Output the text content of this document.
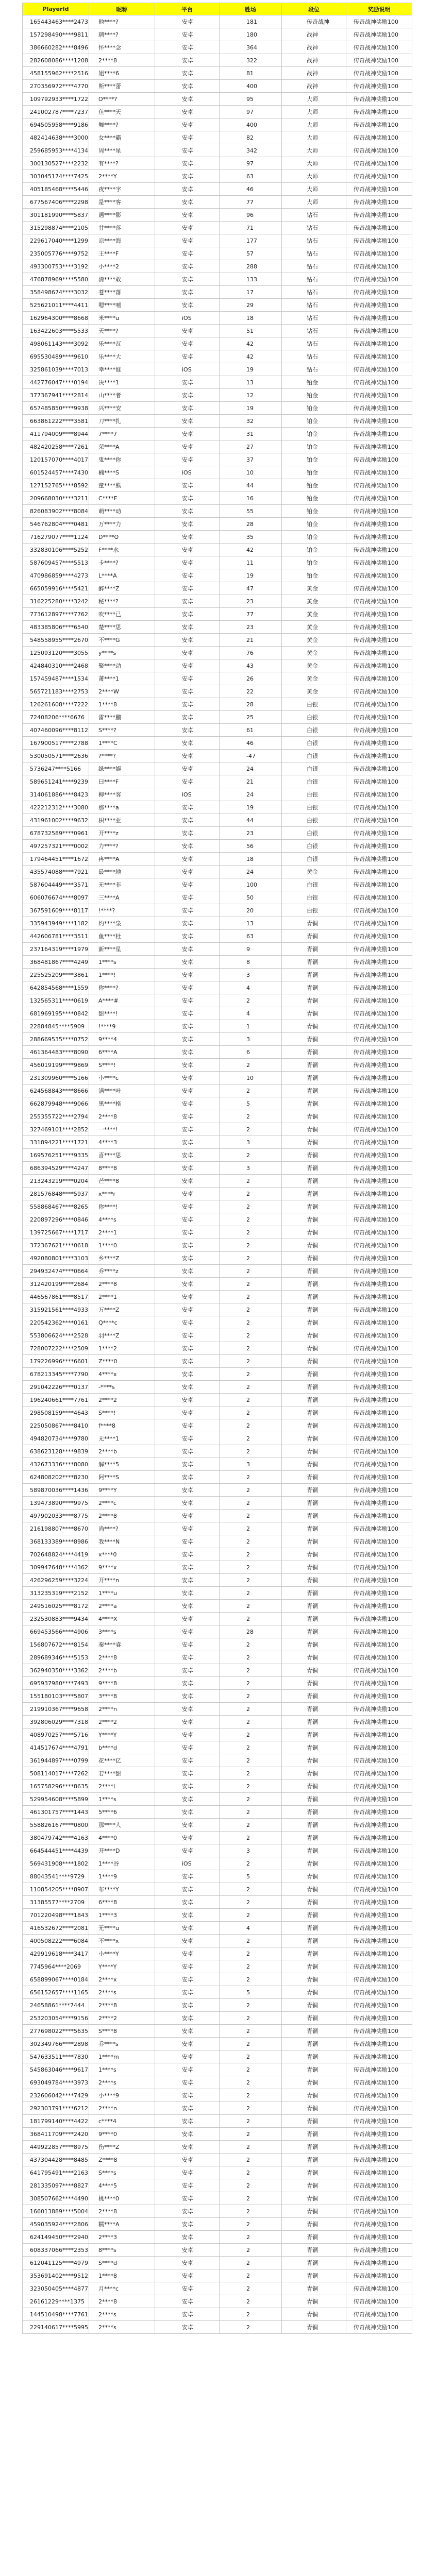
PlayerId	昵称	平台	胜场	段位	奖励说明
165443463****2473	他****?	安卓	181	传奇战神	传奇战神奖励100
157298490****9811	璃****?	安卓	180	战神	传奇战神奖励100
386660282****8496	怀****念	安卓	364	战神	传奇战神奖励100
282608086****1208	2****8	安卓	322	战神	传奇战神奖励100
458155962****2516	姐****6	安卓	81	战神	传奇战神奖励100
270356972****4770	斯****蕾	安卓	400	战神	传奇战神奖励100
109792933****1722	O****?	安卓	95	大师	传奇战神奖励100
241002787****7237	鱼****天	安卓	97	大师	传奇战神奖励100
694505958****9186	舞****?	安卓	400	大师	传奇战神奖励100
482414638****3000	女****霸	安卓	82	大师	传奇战神奖励100
259685953****4134	周****星	安卓	342	大师	传奇战神奖励100
300130527****2232	有****?	安卓	97	大师	传奇战神奖励100
303045174****7425	2****Y	安卓	63	大师	传奇战神奖励100
405185468****5446	夜****字	安卓	46	大师	传奇战神奖励100
677567406****2298	是****客	安卓	77	大师	传奇战神奖励100
301181990****5837	遇****影	安卓	96	钻石	传奇战神奖励100
315298874****2105	甘****落	安卓	71	钻石	传奇战神奖励100
229617040****1299	凉****海	安卓	177	钻石	传奇战神奖励100
235005776****9752	王****F	安卓	57	钻石	传奇战神奖励100
493300753****3192	小****2	安卓	288	钻石	传奇战神奖励100
476878969****5580	清****敢	安卓	133	钻石	传奇战神奖励100
358498674****3032	苍****落	安卓	17	钻石	传奇战神奖励100
525621011****4411	嗯****嘻	安卓	29	钻石	传奇战神奖励100
162964300****8668	米****u	iOS	18	钻石	传奇战神奖励100
163422603****5533	天****?	安卓	51	钻石	传奇战神奖励100
498061143****3092	乐****瓦	安卓	42	钻石	传奇战神奖励100
695530489****9610	乐****大	安卓	42	钻石	传奇战神奖励100
325861039****7013	幸****谁	iOS	19	钻石	传奇战神奖励100
442776047****0194	决****1	安卓	13	铂金	传奇战神奖励100
377367941****2814	山****者	安卓	12	铂金	传奇战神奖励100
657485850****9938	兴****安	安卓	19	铂金	传奇战神奖励100
663861222****3581	刀****扎	安卓	32	铂金	传奇战神奖励100
411794009****8944	7****7	安卓	31	铂金	传奇战神奖励100
482420258****7261	荣****A	安卓	27	铂金	传奇战神奖励100
120157070****4017	鬼****你	安卓	37	铂金	传奇战神奖励100
601524457****7430	楠****S	iOS	10	铂金	传奇战神奖励100
127152765****8592	童****熊	安卓	44	铂金	传奇战神奖励100
209668030****3211	C****E	安卓	16	铂金	传奇战神奖励100
826083902****8084	萌****动	安卓	55	铂金	传奇战神奖励100
546762804****0481	万****力	安卓	28	铂金	传奇战神奖励100
716279077****1124	D****O	安卓	35	铂金	传奇战神奖励100
332830106****5252	F****水	安卓	42	铂金	传奇战神奖励100
587609457****5513	卡****?	安卓	11	铂金	传奇战神奖励100
470986859****4273	L****A	安卓	19	铂金	传奇战神奖励100
665059916****5421	醉****Z	安卓	47	黄金	传奇战神奖励100
316225280****3242	秘****?	安卓	23	黄金	传奇战神奖励100
773612897****7762	吹****已	安卓	77	黄金	传奇战神奖励100
483385806****6540	楚****思	安卓	23	黄金	传奇战神奖励100
548558955****2670	不****G	安卓	21	黄金	传奇战神奖励100
125093120****3055	y****s	安卓	76	黄金	传奇战神奖励100
424840310****2468	聚****动	安卓	43	黄金	传奇战神奖励100
157459487****1534	萧****1	安卓	26	黄金	传奇战神奖励100
565721183****2753	2****W	安卓	22	黄金	传奇战神奖励100
126261608****7222	1****8	安卓	28	白银	传奇战神奖励100
72408206****6676	雷****鹏	安卓	25	白银	传奇战神奖励100
407460096****8112	S****?	安卓	61	白银	传奇战神奖励100
167900517****2788	1****C	安卓	46	白银	传奇战神奖励100
530050571****2636	?****?	安卓	-47	白银	传奇战神奖励100
5736247****5166	绿****娱	安卓	24	白银	传奇战神奖励100
589651241****9239	曰****F	安卓	21	白银	传奇战神奖励100
314061886****8423	柳****客	iOS	24	白银	传奇战神奖励100
422212312****3080	那****a	安卓	19	白银	传奇战神奖励100
431961002****9632	枳****亚	安卓	44	白银	传奇战神奖励100
678732589****0961	开****z	安卓	23	白银	传奇战神奖励100
497257321****0002	力****?	安卓	56	白银	传奇战神奖励100
179464451****1672	冉****A	安卓	18	白银	传奇战神奖励100
435574088****7921	最****地	安卓	24	黄金	传奇战神奖励100
587604449****3571	无****非	安卓	100	白银	传奇战神奖励100
606076674****8097	三****A	安卓	50	白银	传奇战神奖励100
367591609****8117	!****?	安卓	20	白银	传奇战神奖励100
335943949****1182	灼****泉	安卓	13	青铜	传奇战神奖励100
442606781****3511	鱼****杜	安卓	63	青铜	传奇战神奖励100
237164319****1979	新****星	安卓	9	青铜	传奇战神奖励100
368481867****4249	1****s	安卓	8	青铜	传奇战神奖励100
225525209****3861	1****!	安卓	3	青铜	传奇战神奖励100
642854568****1559	你****?	安卓	4	青铜	传奇战神奖励100
132565311****0619	A****#	安卓	2	青铜	传奇战神奖励100
681969195****0842	甜****!	安卓	4	青铜	传奇战神奖励100
22884845****5909	!****9	安卓	1	青铜	传奇战神奖励100
288669535****0752	9****4	安卓	3	青铜	传奇战神奖励100
461364483****8090	6****A	安卓	6	青铜	传奇战神奖励100
456019199****9869	S****!	安卓	2	青铜	传奇战神奖励100
231309960****5166	小****c	安卓	10	青铜	传奇战神奖励100
624568843****8666	满****叶	安卓	2	青铜	传奇战神奖励100
662879948****9066	黑****格	安卓	5	青铜	传奇战神奖励100
255355722****2794	2****8	安卓	2	青铜	传奇战神奖励100
327469101****2852	一****!	安卓	2	青铜	传奇战神奖励100
331894221****1721	4****3	安卓	3	青铜	传奇战神奖励100
169576251****9335	喜****思	安卓	2	青铜	传奇战神奖励100
686394529****4247	8****8	安卓	3	青铜	传奇战神奖励100
213243219****0204	芒****8	安卓	2	青铜	传奇战神奖励100
281576848****5937	x****r	安卓	2	青铜	传奇战神奖励100
558868467****8265	你****!	安卓	2	青铜	传奇战神奖励100
220897296****0846	4****s	安卓	2	青铜	传奇战神奖励100
139725667****1717	2****1	安卓	2	青铜	传奇战神奖励100
372367621****0618	1****0	安卓	2	青铜	传奇战神奖励100
492080801****3103	乡****Z	安卓	2	青铜	传奇战神奖励100
294932474****0664	乔****z	安卓	2	青铜	传奇战神奖励100
312420199****2684	2****8	安卓	2	青铜	传奇战神奖励100
446567861****8517	2****1	安卓	2	青铜	传奇战神奖励100
315921561****4933	万****Z	安卓	2	青铜	传奇战神奖励100
220542362****0161	Q****c	安卓	2	青铜	传奇战神奖励100
553806624****2528	羽****Z	安卓	2	青铜	传奇战神奖励100
728007222****2509	1****2	安卓	2	青铜	传奇战神奖励100
179226996****6601	Z****0	安卓	2	青铜	传奇战神奖励100
678213345****7790	4****x	安卓	2	青铜	传奇战神奖励100
291042226****0137	-****s	安卓	2	青铜	传奇战神奖励100
196240661****7761	2****2	安卓	2	青铜	传奇战神奖励100
298508159****4643	S****!	安卓	2	青铜	传奇战神奖励100
225050867****8410	f****8	安卓	2	青铜	传奇战神奖励100
494820734****9780	无****1	安卓	2	青铜	传奇战神奖励100
638623128****9839	2****b	安卓	2	青铜	传奇战神奖励100
432673336****8080	解****5	安卓	3	青铜	传奇战神奖励100
624808202****8230	阿****S	安卓	2	青铜	传奇战神奖励100
589870036****1436	9****Y	安卓	2	青铜	传奇战神奖励100
139473890****9975	2****c	安卓	2	青铜	传奇战神奖励100
497902033****8775	2****8	安卓	2	青铜	传奇战神奖励100
216198807****8670	尚****?	安卓	2	青铜	传奇战神奖励100
368133389****8986	我****N	安卓	2	青铜	传奇战神奖励100
702648824****4419	x****0	安卓	2	青铜	传奇战神奖励100
309947648****4362	9****x	安卓	2	青铜	传奇战神奖励100
426296259****3224	开****n	安卓	2	青铜	传奇战神奖励100
313235319****2152	1****u	安卓	2	青铜	传奇战神奖励100
249516025****8172	2****a	安卓	2	青铜	传奇战神奖励100
232530883****9434	4****X	安卓	2	青铜	传奇战神奖励100
669453566****4906	3****s	安卓	28	青铜	传奇战神奖励100
156807672****8154	秦****睿	安卓	2	青铜	传奇战神奖励100
289689346****5153	2****8	安卓	2	青铜	传奇战神奖励100
362940350****3362	2****b	安卓	2	青铜	传奇战神奖励100
695937980****7493	9****8	安卓	2	青铜	传奇战神奖励100
155180103****5807	3****8	安卓	2	青铜	传奇战神奖励100
219910367****9658	2****n	安卓	2	青铜	传奇战神奖励100
392806029****7318	2****2	安卓	2	青铜	传奇战神奖励100
408970257****5716	Y****Y	安卓	2	青铜	传奇战神奖励100
414517674****4791	b****d	安卓	2	青铜	传奇战神奖励100
361944897****0799	花****亿	安卓	2	青铜	传奇战神奖励100
508114017****7262	若****甜	安卓	2	青铜	传奇战神奖励100
165758296****8635	2****L	安卓	2	青铜	传奇战神奖励100
529954608****5899	1****s	安卓	2	青铜	传奇战神奖励100
461301757****1443	5****6	安卓	2	青铜	传奇战神奖励100
558826167****0800	那****人	安卓	2	青铜	传奇战神奖励100
380479742****4163	4****0	安卓	2	青铜	传奇战神奖励100
664544451****4439	开****D	安卓	3	青铜	传奇战神奖励100
569431908****1802	1****谷	iOS	2	青铜	传奇战神奖励100
88043541****9729	1****9	安卓	5	青铜	传奇战神奖励100
110854205****8907	布****Y	安卓	2	青铜	传奇战神奖励100
31385577****2709	6****8	安卓	2	青铜	传奇战神奖励100
701220498****1843	1****3	安卓	2	青铜	传奇战神奖励100
416532672****2081	无****u	安卓	4	青铜	传奇战神奖励100
400508222****6084	不****x	安卓	2	青铜	传奇战神奖励100
429919618****3417	小****Y	安卓	2	青铜	传奇战神奖励100
7745964****2069	Y****Y	安卓	2	青铜	传奇战神奖励100
658899067****0184	2****x	安卓	2	青铜	传奇战神奖励100
656152657****1165	2****s	安卓	5	青铜	传奇战神奖励100
24658861****7444	2****8	安卓	2	青铜	传奇战神奖励100
253203054****9156	2****2	安卓	2	青铜	传奇战神奖励100
277698022****5635	S****8	安卓	2	青铜	传奇战神奖励100
302349766****2898	乔****s	安卓	2	青铜	传奇战神奖励100
547633511****7830	1****m	安卓	2	青铜	传奇战神奖励100
545863046****9617	1****s	安卓	2	青铜	传奇战神奖励100
693049784****3973	2****s	安卓	2	青铜	传奇战神奖励100
232606042****7429	小****9	安卓	2	青铜	传奇战神奖励100
292303791****6212	2****n	安卓	2	青铜	传奇战神奖励100
181799140****4422	c****4	安卓	2	青铜	传奇战神奖励100
368411709****2420	9****0	安卓	2	青铜	传奇战神奖励100
449922857****8975	伤****Z	安卓	2	青铜	传奇战神奖励100
437304428****8485	Z****8	安卓	2	青铜	传奇战神奖励100
641795491****2163	S****s	安卓	2	青铜	传奇战神奖励100
281335097****8827	4****5	安卓	2	青铜	传奇战神奖励100
308507662****4490	桃****0	安卓	2	青铜	传奇战神奖励100
166013889****5004	2****8	安卓	2	青铜	传奇战神奖励100
459035924****2806	糯****A	安卓	2	青铜	传奇战神奖励100
624149450****2940	2****3	安卓	2	青铜	传奇战神奖励100
608337066****2353	8****s	安卓	2	青铜	传奇战神奖励100
612041125****4979	S****d	安卓	2	青铜	传奇战神奖励100
353691402****9512	1****8	安卓	2	青铜	传奇战神奖励100
323050405****4877	月****c	安卓	2	青铜	传奇战神奖励100
26161229****1375	2****8	安卓	2	青铜	传奇战神奖励100
144510498****7761	2****s	安卓	2	青铜	传奇战神奖励100
229140617****5995	2****s	安卓	2	青铜	传奇战神奖励100
